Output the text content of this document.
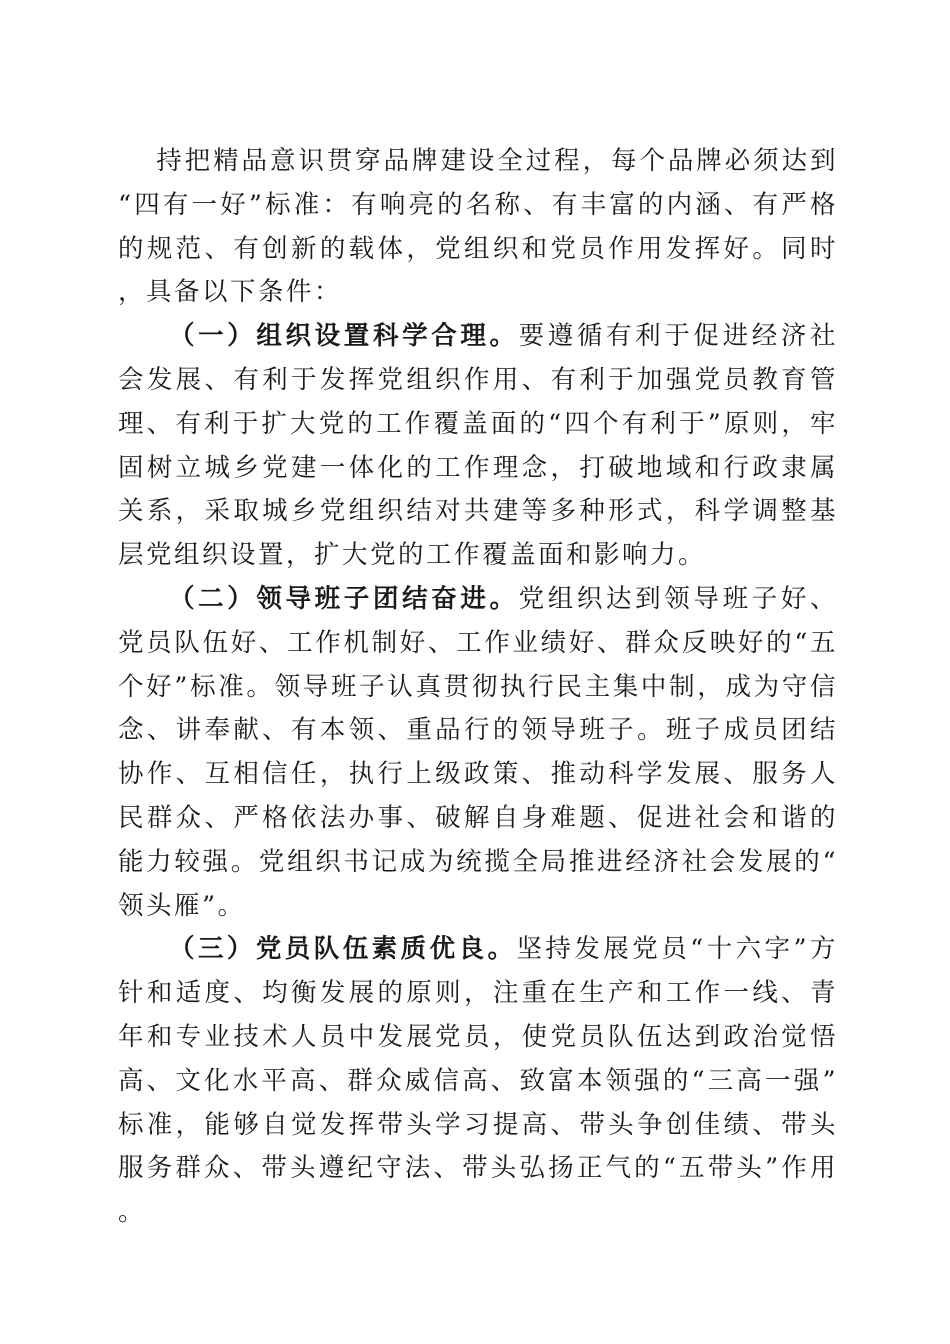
持把精品意识贯穿品牌建设全过程，每个品牌必须达到“四有一好”标准：有响亮的名称、有丰富的内涵、有严格的规范、有创新的载体，党组织和党员作用发挥好。同时，具备以下条件：

（一）组织设置科学合理。要遵循有利于促进经济社会发展、有利于发挥党组织作用、有利于加强党员教育管理、有利于扩大党的工作覆盖面的“四个有利于”原则，牢固树立城乡党建一体化的工作理念，打破地域和行政隶属关系，采取城乡党组织结对共建等多种形式，科学调整基层党组织设置，扩大党的工作覆盖面和影响力。

（二）领导班子团结奋进。党组织达到领导班子好、党员队伍好、工作机制好、工作业绩好、群众反映好的“五个好”标准。领导班子认真贯彻执行民主集中制，成为守信念、讲奉献、有本领、重品行的领导班子。班子成员团结协作、互相信任，执行上级政策、推动科学发展、服务人民群众、严格依法办事、破解自身难题、促进社会和谐的能力较强。党组织书记成为统揽全局推进经济社会发展的“领头雁”。

（三）党员队伍素质优良。坚持发展党员“十六字”方针和适度、均衡发展的原则，注重在生产和工作一线、青年和专业技术人员中发展党员，使党员队伍达到政治觉悟高、文化水平高、群众威信高、致富本领强的“三高一强”标准，能够自觉发挥带头学习提高、带头争创佳绩、带头服务群众、带头遵纪守法、带头弘扬正气的“五带头”作用。
